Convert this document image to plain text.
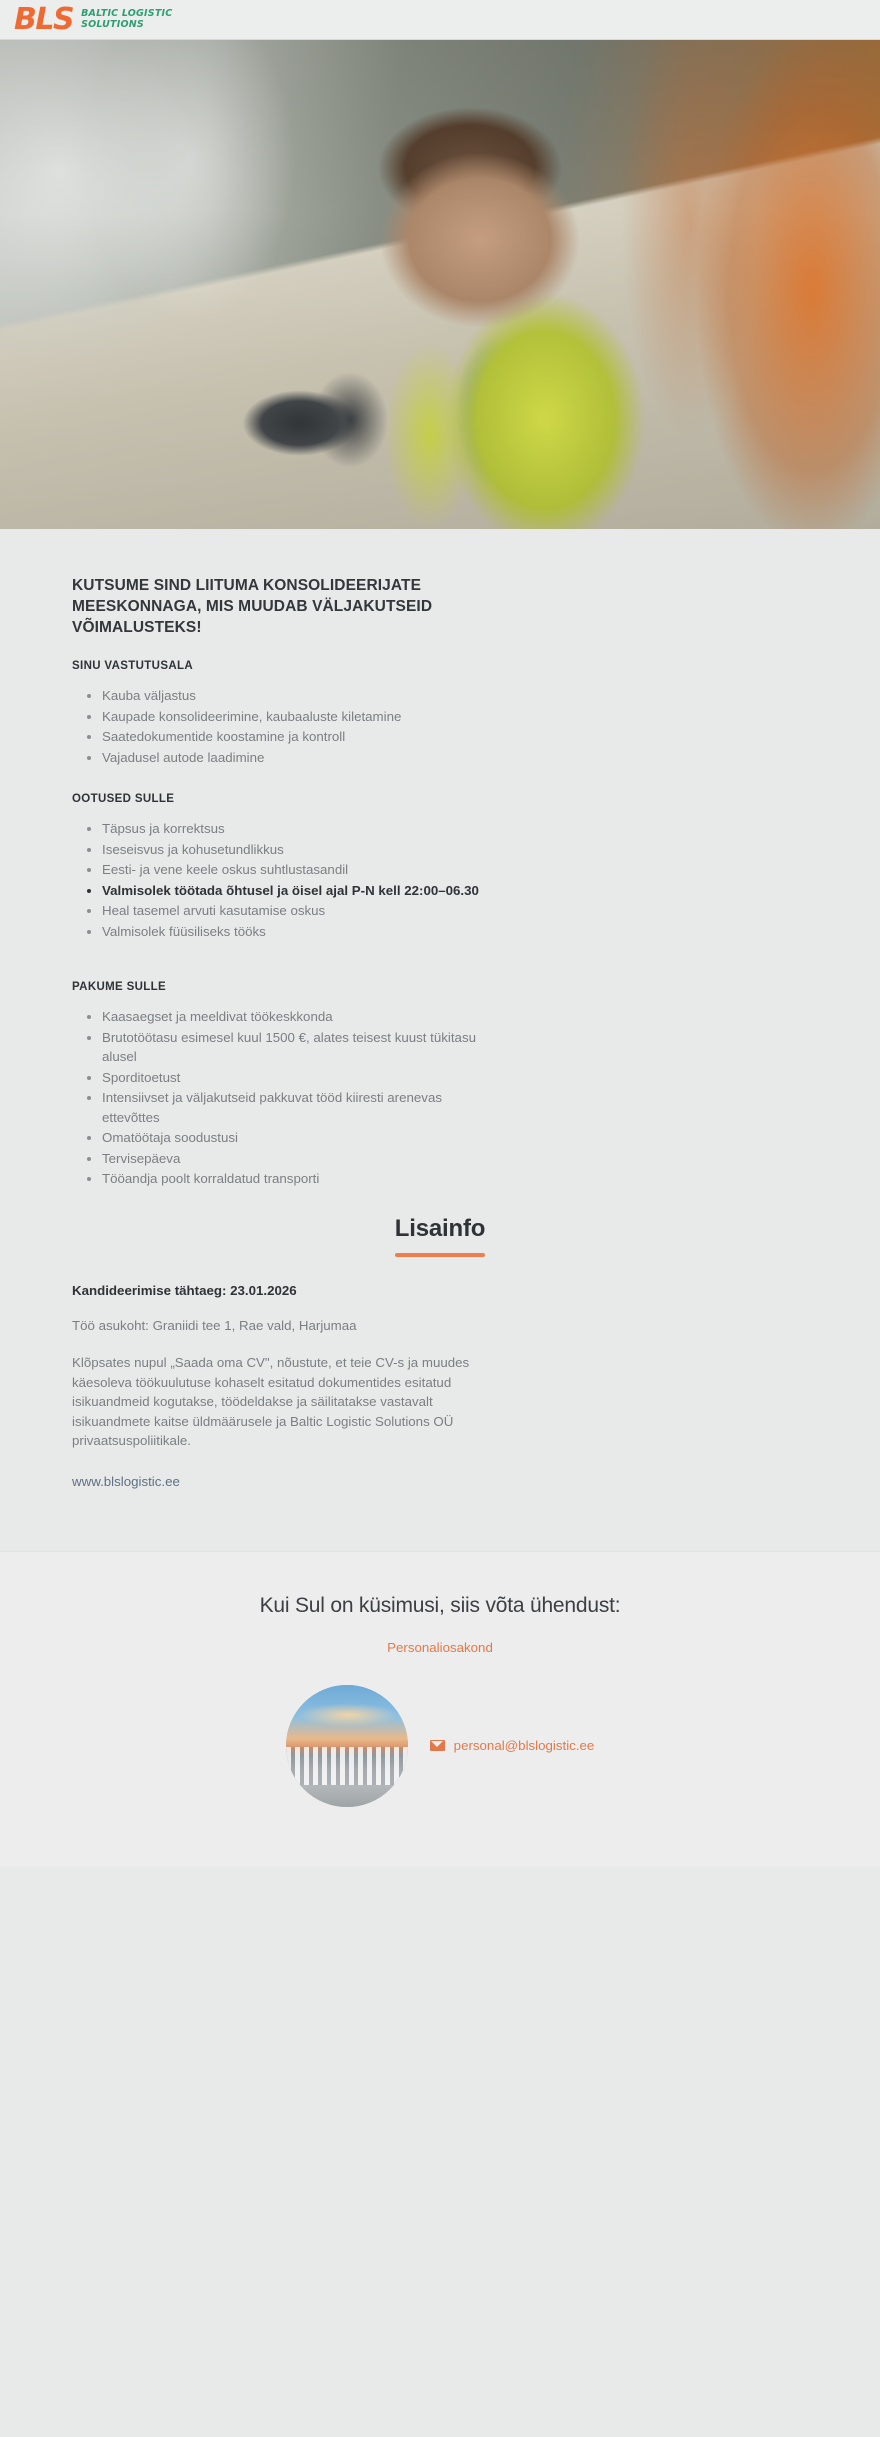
BLS BALTIC LOGISTIC
SOLUTIONS
KUTSUME SIND LIITUMA KONSOLIDEERIJATE MEESKONNAGA, MIS MUUDAB VÄLJAKUTSEID VÕIMALUSTEKS!
SINU VASTUTUSALA
Kauba väljastus
Kaupade konsolideerimine, kaubaaluste kiletamine
Saatedokumentide koostamine ja kontroll
Vajadusel autode laadimine
OOTUSED SULLE
Täpsus ja korrektsus
Iseseisvus ja kohusetundlikkus
Eesti- ja vene keele oskus suhtlustasandil
Valmisolek töötada õhtusel ja öisel ajal P-N kell 22:00–06.30
Heal tasemel arvuti kasutamise oskus
Valmisolek füüsiliseks tööks
PAKUME SULLE
Kaasaegset ja meeldivat töökeskkonda
Brutotöötasu esimesel kuul 1500 €, alates teisest kuust tükitasu alusel
Sporditoetust
Intensiivset ja väljakutseid pakkuvat tööd kiiresti arenevas ettevõttes
Omatöötaja soodustusi
Tervisepäeva
Tööandja poolt korraldatud transporti
Lisainfo
Kandideerimise tähtaeg: 23.01.2026
Töö asukoht: Graniidi tee 1, Rae vald, Harjumaa
Klõpsates nupul „Saada oma CV", nõustute, et teie CV-s ja muudes käesoleva töökuulutuse kohaselt esitatud dokumentides esitatud isikuandmeid kogutakse, töödeldakse ja säilitatakse vastavalt isikuandmete kaitse üldmäärusele ja Baltic Logistic Solutions OÜ privaatsuspoliitikale.
www.blslogistic.ee
Kui Sul on küsimusi, siis võta ühendust:
Personaliosakond
personal@blslogistic.ee
